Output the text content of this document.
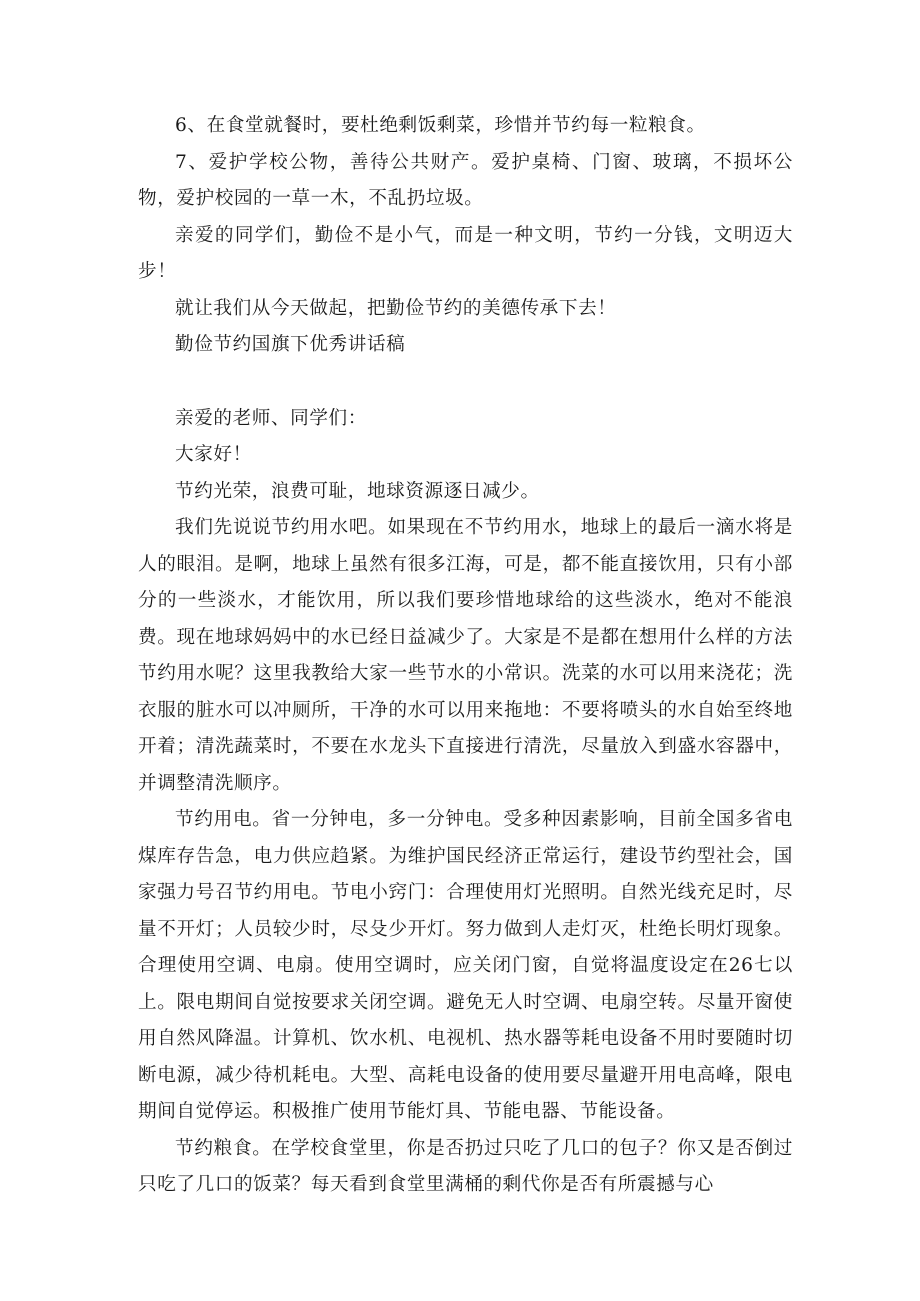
6、在食堂就餐时，要杜绝剩饭剩菜，珍惜并节约每一粒粮食。

7、爱护学校公物，善待公共财产。爱护桌椅、门窗、玻璃，不损坏公物，爱护校园的一草一木，不乱扔垃圾。

亲爱的同学们，勤俭不是小气，而是一种文明，节约一分钱，文明迈大步！

就让我们从今天做起，把勤俭节约的美德传承下去！

勤俭节约国旗下优秀讲话稿

亲爱的老师、同学们：

大家好！

节约光荣，浪费可耻，地球资源逐日减少。

我们先说说节约用水吧。如果现在不节约用水，地球上的最后一滴水将是人的眼泪。是啊，地球上虽然有很多江海，可是，都不能直接饮用，只有小部分的一些淡水，才能饮用，所以我们要珍惜地球给的这些淡水，绝对不能浪费。现在地球妈妈中的水已经日益减少了。大家是不是都在想用什么样的方法节约用水呢？这里我教给大家一些节水的小常识。洗菜的水可以用来浇花；洗衣服的脏水可以冲厕所，干净的水可以用来拖地：不要将喷头的水自始至终地开着；清洗蔬菜时，不要在水龙头下直接进行清洗，尽量放入到盛水容器中，并调整清洗顺序。

节约用电。省一分钟电，多一分钟电。受多种因素影响，目前全国多省电煤库存告急，电力供应趋紧。为维护国民经济正常运行，建设节约型社会，国家强力号召节约用电。节电小窍门：合理使用灯光照明。自然光线充足时，尽量不开灯；人员较少时，尽殳少开灯。努力做到人走灯灭，杜绝长明灯现象。合理使用空调、电扇。使用空调时，应关闭门窗，自觉将温度设定在26七以上。限电期间自觉按要求关闭空调。避免无人时空调、电扇空转。尽量开窗使用自然风降温。计算机、饮水机、电视机、热水器等耗电设备不用时要随时切断电源，减少待机耗电。大型、高耗电设备的使用要尽量避开用电高峰，限电期间自觉停运。积极推广使用节能灯具、节能电器、节能设备。

节约粮食。在学校食堂里，你是否扔过只吃了几口的包子？你又是否倒过只吃了几口的饭菜？每天看到食堂里满桶的剩代你是否有所震撼与心
